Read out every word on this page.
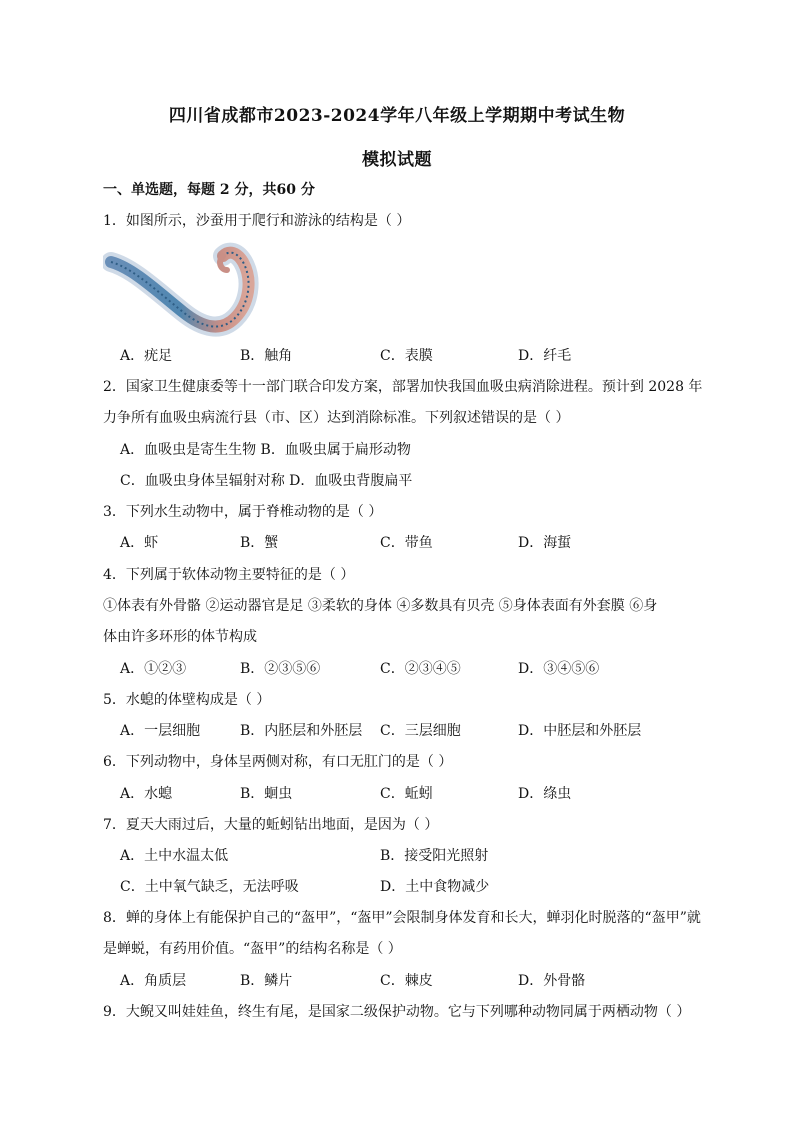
四川省成都市2023-2024学年八年级上学期期中考试生物
模拟试题
一、单选题，每题 2 分，共60 分
1．如图所示，沙蚕用于爬行和游泳的结构是（ ）
A．疣足	B．触角	C．表膜	D．纤毛
2．国家卫生健康委等十一部门联合印发方案，部署加快我国血吸虫病消除进程。预计到 2028 年
力争所有血吸虫病流行县（市、区）达到消除标准。下列叙述错误的是（ ）
A．血吸虫是寄生生物 B．血吸虫属于扁形动物
C．血吸虫身体呈辐射对称 D．血吸虫背腹扁平
3．下列水生动物中，属于脊椎动物的是（ ）
A．虾	B．蟹	C．带鱼	D．海蜇
4．下列属于软体动物主要特征的是（ ）
①体表有外骨骼 ②运动器官是足 ③柔软的身体 ④多数具有贝壳 ⑤身体表面有外套膜 ⑥身
体由许多环形的体节构成
A．①②③	B．②③⑤⑥	C．②③④⑤	D．③④⑤⑥
5．水螅的体壁构成是（ ）
A．一层细胞	B．内胚层和外胚层 C．三层细胞	D．中胚层和外胚层
6．下列动物中，身体呈两侧对称，有口无肛门的是（ ）
A．水螅	B．蛔虫	C．蚯蚓	D．绦虫
7．夏天大雨过后，大量的蚯蚓钻出地面，是因为（ ）
A．土中水温太低	B．接受阳光照射
C．土中氧气缺乏，无法呼吸	D．土中食物减少
8．蝉的身体上有能保护自己的“盔甲”，“盔甲”会限制身体发育和长大，蝉羽化时脱落的“盔甲”就
是蝉蜕，有药用价值。“盔甲”的结构名称是（ ）
A．角质层	B．鳞片	C．棘皮	D．外骨骼
9．大鲵又叫娃娃鱼，终生有尾，是国家二级保护动物。它与下列哪种动物同属于两栖动物（ ）
